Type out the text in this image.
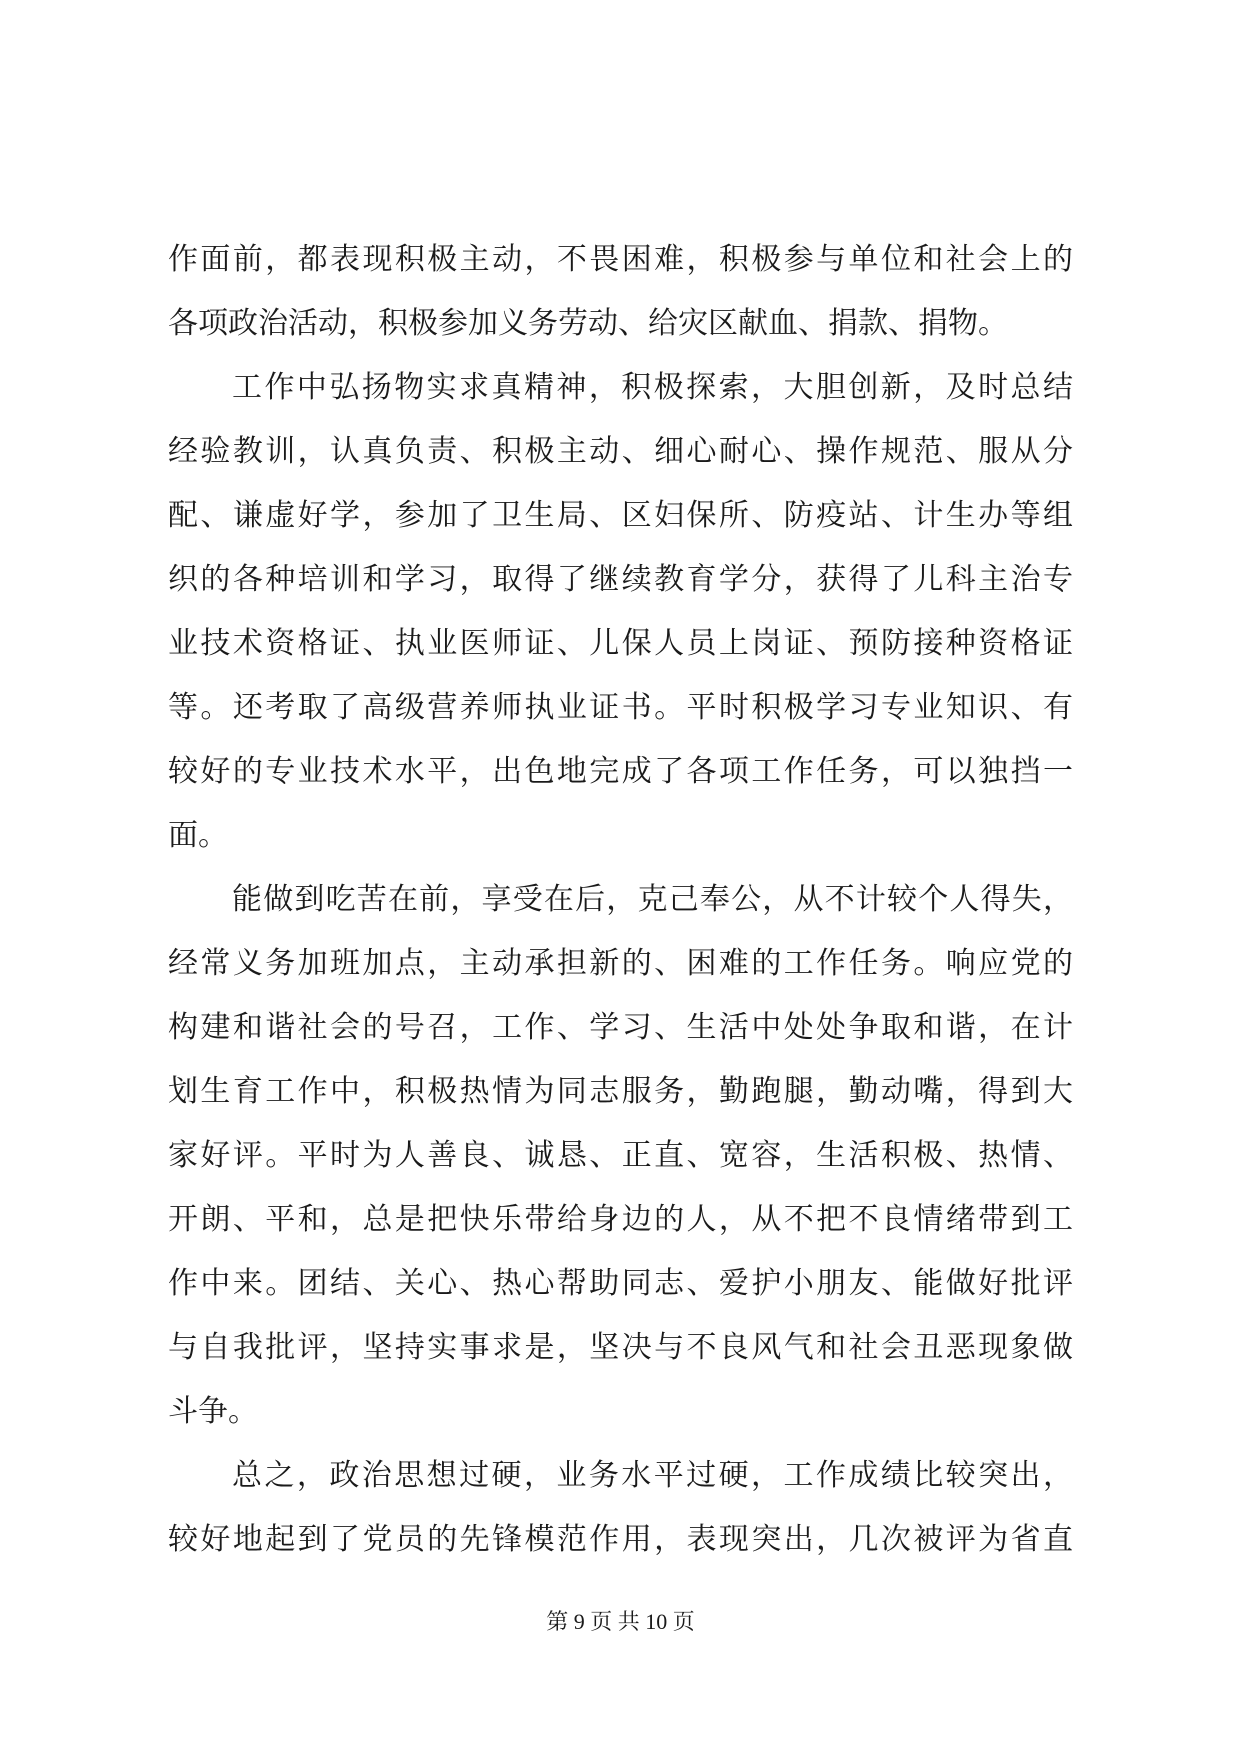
作面前，都表现积极主动，不畏困难，积极参与单位和社会上的
各项政治活动，积极参加义务劳动、给灾区献血、捐款、捐物。
工作中弘扬物实求真精神，积极探索，大胆创新，及时总结
经验教训，认真负责、积极主动、细心耐心、操作规范、服从分
配、谦虚好学，参加了卫生局、区妇保所、防疫站、计生办等组
织的各种培训和学习，取得了继续教育学分，获得了儿科主治专
业技术资格证、执业医师证、儿保人员上岗证、预防接种资格证
等。还考取了高级营养师执业证书。平时积极学习专业知识、有
较好的专业技术水平，出色地完成了各项工作任务，可以独挡一
面。
能做到吃苦在前，享受在后，克己奉公，从不计较个人得失，
经常义务加班加点，主动承担新的、困难的工作任务。响应党的
构建和谐社会的号召，工作、学习、生活中处处争取和谐，在计
划生育工作中，积极热情为同志服务，勤跑腿，勤动嘴，得到大
家好评。平时为人善良、诚恳、正直、宽容，生活积极、热情、
开朗、平和，总是把快乐带给身边的人，从不把不良情绪带到工
作中来。团结、关心、热心帮助同志、爱护小朋友、能做好批评
与自我批评，坚持实事求是，坚决与不良风气和社会丑恶现象做
斗争。
总之，政治思想过硬，业务水平过硬，工作成绩比较突出，
较好地起到了党员的先锋模范作用，表现突出，几次被评为省直
第 9 页 共 10 页
